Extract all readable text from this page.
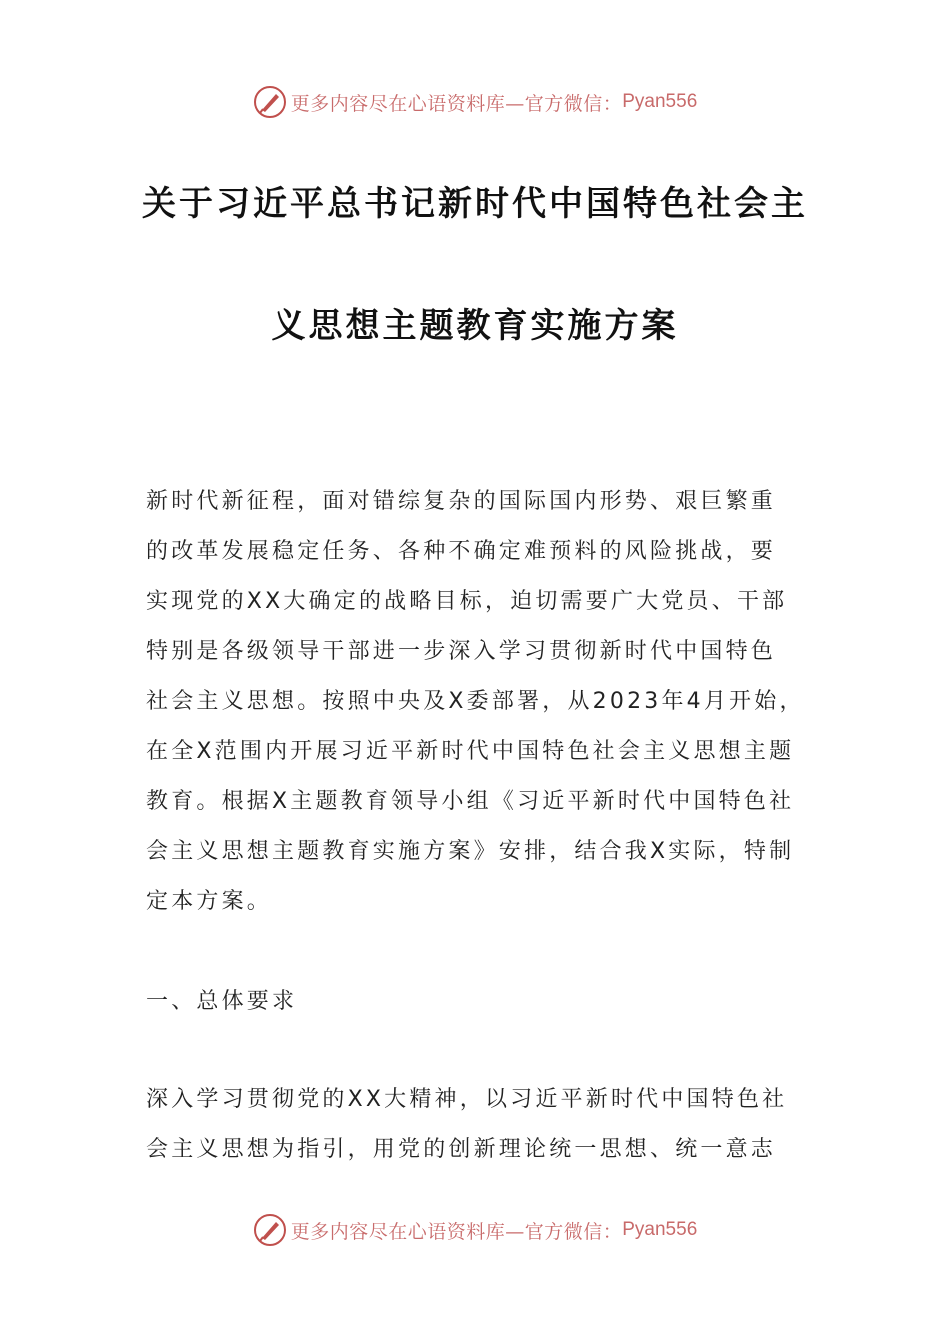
更多内容尽在心语资料库—官方微信： Pyan556
关于习近平总书记新时代中国特色社会主
义思想主题教育实施方案
新时代新征程，面对错综复杂的国际国内形势、艰巨繁重
的改革发展稳定任务、各种不确定难预料的风险挑战，要
实现党的XX大确定的战略目标，迫切需要广大党员、干部
特别是各级领导干部进一步深入学习贯彻新时代中国特色
社会主义思想。按照中央及X委部署，从2023年4月开始，
在全X范围内开展习近平新时代中国特色社会主义思想主题
教育。根据X主题教育领导小组《习近平新时代中国特色社
会主义思想主题教育实施方案》安排，结合我X实际，特制
定本方案。
一、总体要求
深入学习贯彻党的XX大精神，以习近平新时代中国特色社
会主义思想为指引，用党的创新理论统一思想、统一意志
更多内容尽在心语资料库—官方微信： Pyan556
